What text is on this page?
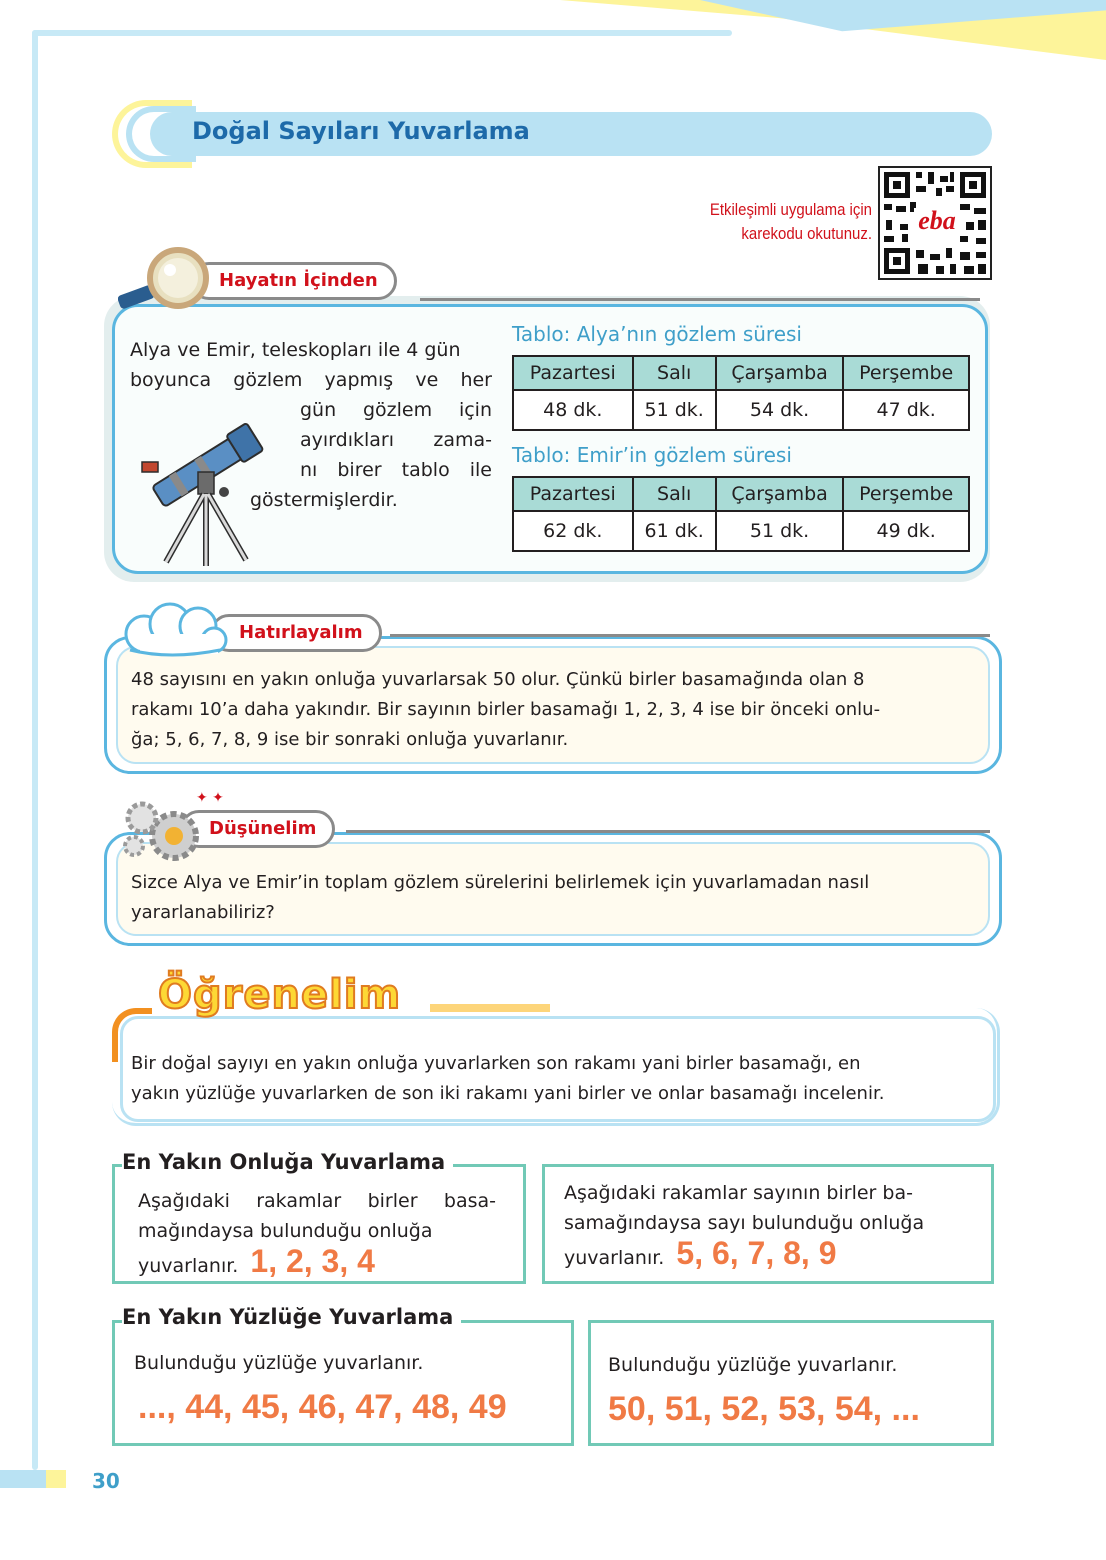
Doğal Sayıları Yuvarlama
Etkileşimli uygulama için
karekodu okutunuz. eba
Hayatın İçinden
Alya ve Emir, teleskopları ile 4 gün
boyunca gözlem yapmış ve her
gün gözlem için
ayırdıkları zama-
nı birer tablo ile
göstermişlerdir.
Tablo: Alya’nın gözlem süresi
Pazartesi	Salı	Çarşamba	Perşembe
48 dk.	51 dk.	54 dk.	47 dk.
Tablo: Emir’in gözlem süresi
Pazartesi	Salı	Çarşamba	Perşembe
62 dk.	61 dk.	51 dk.	49 dk.
Hatırlayalım
48 sayısını en yakın onluğa yuvarlarsak 50 olur. Çünkü birler basamağında olan 8
rakamı 10’a daha yakındır. Bir sayının birler basamağı 1, 2, 3, 4 ise bir önceki onlu-
ğa; 5, 6, 7, 8, 9 ise bir sonraki onluğa yuvarlanır.
Düşünelim
✦ ✦
Sizce Alya ve Emir’in toplam gözlem sürelerini belirlemek için yuvarlamadan nasıl
yararlanabiliriz?
Öğrenelim
Bir doğal sayıyı en yakın onluğa yuvarlarken son rakamı yani birler basamağı, en
yakın yüzlüğe yuvarlarken de son iki rakamı yani birler ve onlar basamağı incelenir.
En Yakın Onluğa Yuvarlama
Aşağıdaki rakamlar birler basa-
mağındaysa bulunduğu onluğa
yuvarlanır. 1, 2, 3, 4
Aşağıdaki rakamlar sayının birler ba-
samağındaysa sayı bulunduğu onluğa
yuvarlanır. 5, 6, 7, 8, 9
En Yakın Yüzlüğe Yuvarlama
Bulunduğu yüzlüğe yuvarlanır.
..., 44, 45, 46, 47, 48, 49
Bulunduğu yüzlüğe yuvarlanır.
50, 51, 52, 53, 54, ...
30
